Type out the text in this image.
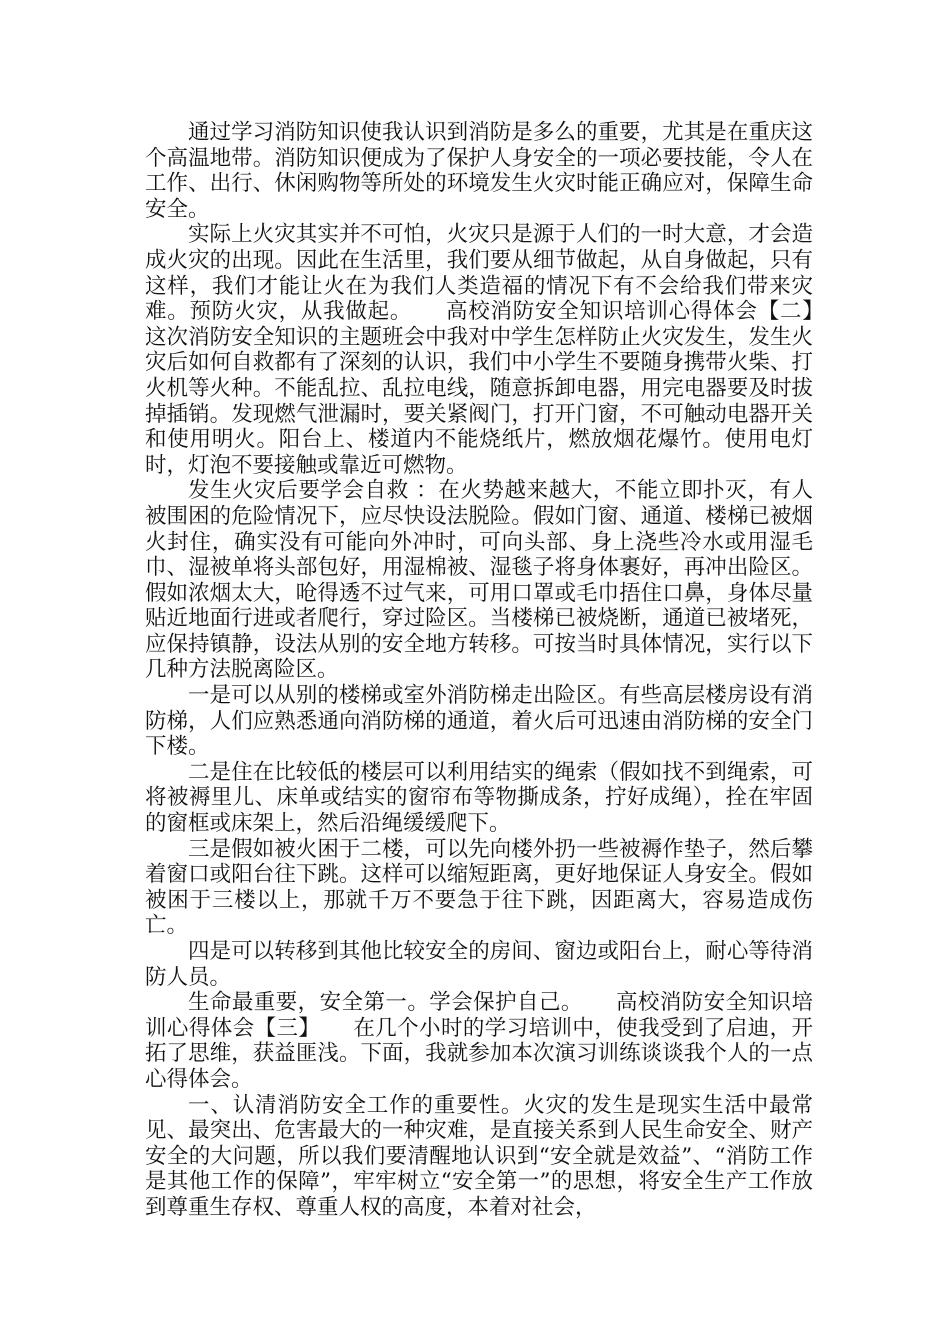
通过学习消防知识使我认识到消防是多么的重要，尤其是在重庆这个高温地带。消防知识便成为了保护人身安全的一项必要技能，令人在工作、出行、休闲购物等所处的环境发生火灾时能正确应对，保障生命安全。

实际上火灾其实并不可怕，火灾只是源于人们的一时大意，才会造成火灾的出现。因此在生活里，我们要从细节做起，从自身做起，只有这样，我们才能让火在为我们人类造福的情况下有不会给我们带来灾难。预防火灾，从我做起。　　高校消防安全知识培训心得体会【二】　　这次消防安全知识的主题班会中我对中学生怎样防止火灾发生，发生火灾后如何自救都有了深刻的认识，我们中小学生不要随身携带火柴、打火机等火种。不能乱拉、乱拉电线，随意拆卸电器，用完电器要及时拔掉插销。发现燃气泄漏时，要关紧阀门，打开门窗，不可触动电器开关和使用明火。阳台上、楼道内不能烧纸片，燃放烟花爆竹。使用电灯时，灯泡不要接触或靠近可燃物。

发生火灾后要学会自救 ：在火势越来越大，不能立即扑灭，有人被围困的危险情况下，应尽快设法脱险。假如门窗、通道、楼梯已被烟火封住，确实没有可能向外冲时，可向头部、身上浇些冷水或用湿毛巾、湿被单将头部包好，用湿棉被、湿毯子将身体裹好，再冲出险区。假如浓烟太大，呛得透不过气来，可用口罩或毛巾捂住口鼻，身体尽量贴近地面行进或者爬行，穿过险区。当楼梯已被烧断，通道已被堵死，应保持镇静，设法从别的安全地方转移。可按当时具体情况，实行以下几种方法脱离险区。

一是可以从别的楼梯或室外消防梯走出险区。有些高层楼房设有消防梯，人们应熟悉通向消防梯的通道，着火后可迅速由消防梯的安全门下楼。

二是住在比较低的楼层可以利用结实的绳索（假如找不到绳索，可将被褥里儿、床单或结实的窗帘布等物撕成条，拧好成绳），拴在牢固的窗框或床架上，然后沿绳缓缓爬下。

三是假如被火困于二楼，可以先向楼外扔一些被褥作垫子，然后攀着窗口或阳台往下跳。这样可以缩短距离，更好地保证人身安全。假如被困于三楼以上，那就千万不要急于往下跳，因距离大，容易造成伤亡。

四是可以转移到其他比较安全的房间、窗边或阳台上，耐心等待消防人员。

生命最重要，安全第一。学会保护自己。　　高校消防安全知识培训心得体会【三】　　在几个小时的学习培训中，使我受到了启迪，开拓了思维，获益匪浅。下面，我就参加本次演习训练谈谈我个人的一点心得体会。

一、认清消防安全工作的重要性。火灾的发生是现实生活中最常见、最突出、危害最大的一种灾难，是直接关系到人民生命安全、财产安全的大问题，所以我们要清醒地认识到“安全就是效益”、“消防工作是其他工作的保障”，牢牢树立“安全第一”的思想，将安全生产工作放到尊重生存权、尊重人权的高度，本着对社会，
